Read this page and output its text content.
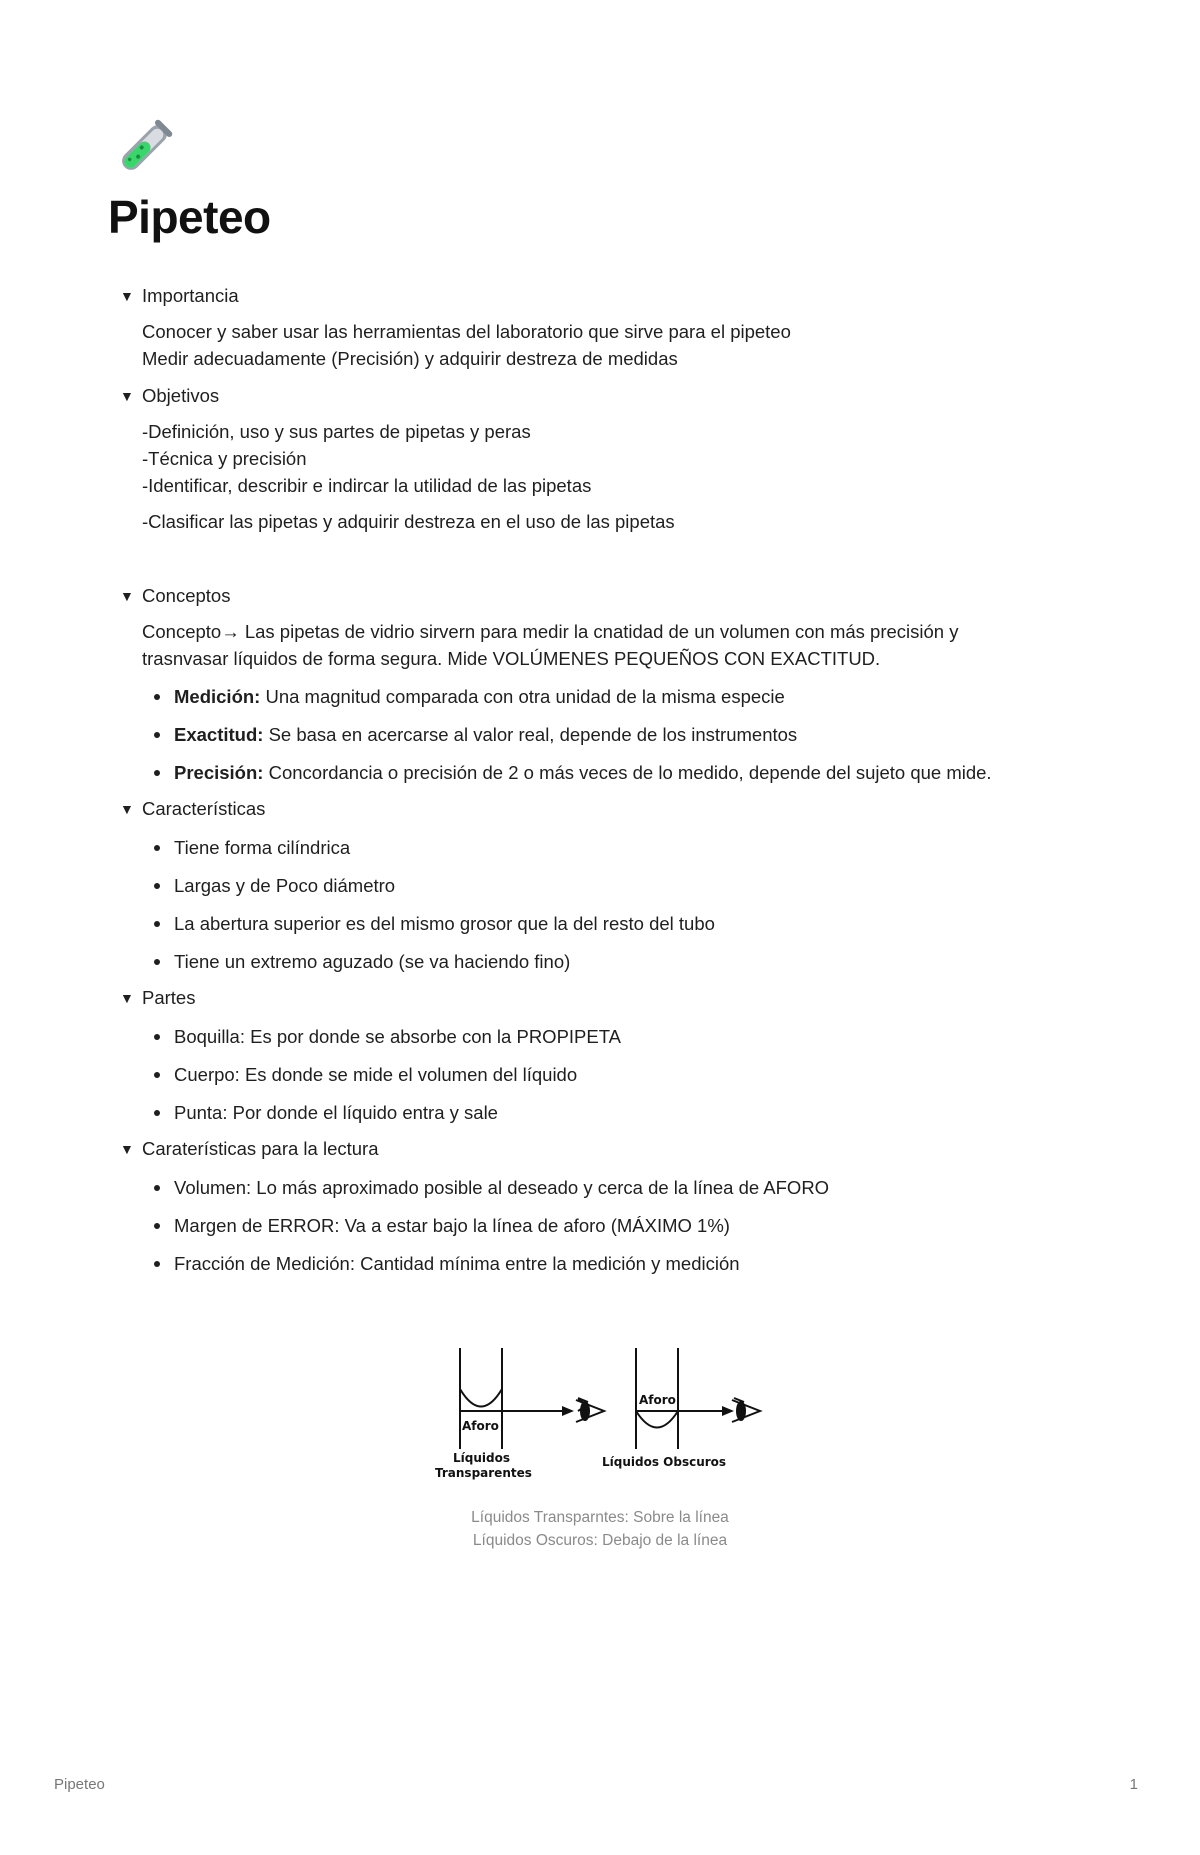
Pipeteo
▼ Importancia

Conocer y saber usar las herramientas del laboratorio que sirve para el pipeteo

Medir adecuadamente (Precisión) y adquirir destreza de medidas

▼ Objetivos

-Definición, uso y sus partes de pipetas y peras

-Técnica y precisión

-Identificar, describir e indircar la utilidad de las pipetas

-Clasificar las pipetas y adquirir destreza en el uso de las pipetas

▼ Conceptos

Concepto→ Las pipetas de vidrio sirvern para medir la cnatidad de un volumen con más precisión y

trasnvasar líquidos de forma segura. Mide VOLÚMENES PEQUEÑOS CON EXACTITUD.

Medición: Una magnitud comparada con otra unidad de la misma especie
Exactitud: Se basa en acercarse al valor real, depende de los instrumentos
Precisión: Concordancia o precisión de 2 o más veces de lo medido, depende del sujeto que mide.
▼ Características
Tiene forma cilíndrica
Largas y de Poco diámetro
La abertura superior es del mismo grosor que la del resto del tubo
Tiene un extremo aguzado (se va haciendo fino)
▼ Partes
Boquilla: Es por donde se absorbe con la PROPIPETA
Cuerpo: Es donde se mide el volumen del líquido
Punta: Por donde el líquido entra y sale
▼ Caraterísticas para la lectura
Volumen: Lo más aproximado posible al deseado y cerca de la línea de AFORO
Margen de ERROR: Va a estar bajo la línea de aforo (MÁXIMO 1%)
Fracción de Medición: Cantidad mínima entre la medición y medición
Aforo
Líquidos
Transparentes
Aforo
Líquidos Obscuros
Líquidos Transparntes: Sobre la línea
Líquidos Oscuros: Debajo de la línea
Pipeteo	1
